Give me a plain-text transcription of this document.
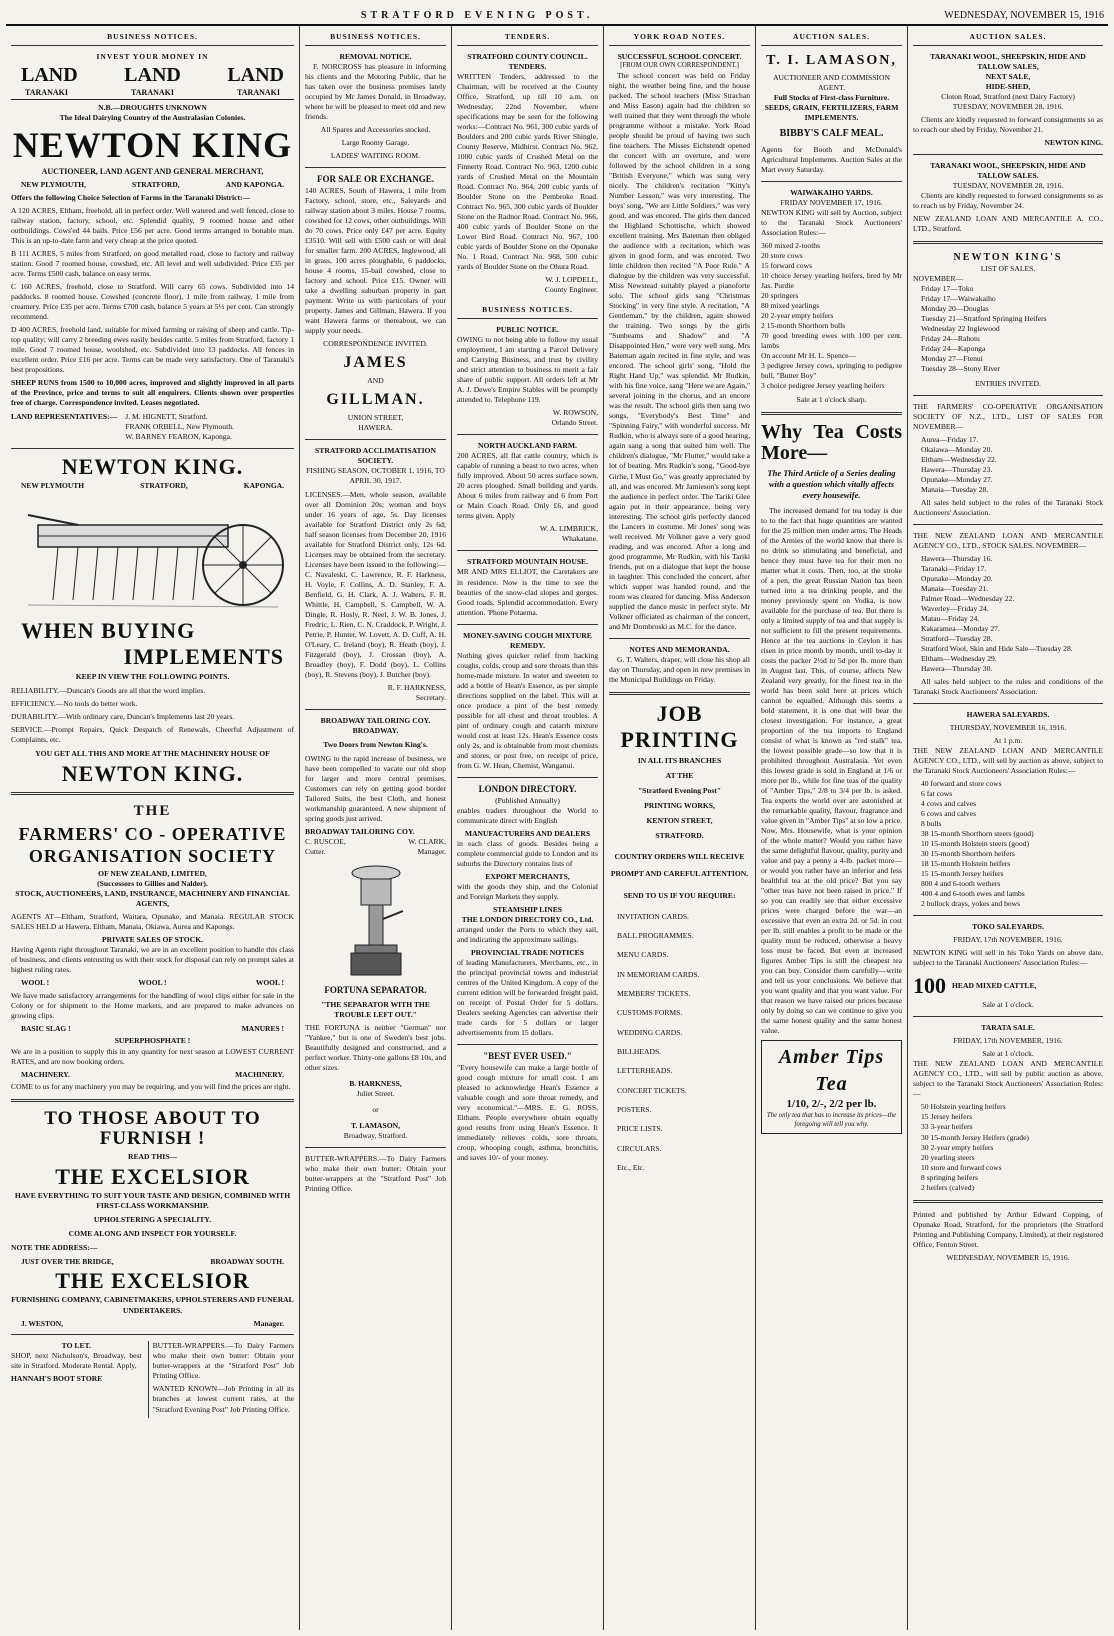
STRATFORD EVENING POST.	WEDNESDAY, NOVEMBER 15, 1916
BUSINESS NOTICES.
INVEST YOUR MONEY IN
LAND LAND LAND
TARANAKI	TARANAKI	TARANAKI
N.B.—DROUGHTS UNKNOWN
The Ideal Dairying Country of the Australasian Colonies.
NEWTON KING
AUCTIONEER, LAND AGENT AND GENERAL MERCHANT,
NEW PLYMOUTH,	STRATFORD,	AND KAPONGA.

Offers the following Choice Selection of Farms in the Taranaki District:—

A 120 ACRES, Eltham, freehold, all in perfect order. Well watered and well fenced, close to railway station, factory, school, etc. Splendid quality, 9 roomed house and other outbuildings. Cows'ed 44 bails. Price £56 per acre. Good terms arranged to bonable man. This is an up-to-date farm and very cheap at the price quoted.

B 111 ACRES, 5 miles from Stratford, on good metalled road, close to factory and railway station. Good 7 roomed house, cowshed, etc. All level and well subdivided. Price £35 per acre. Terms £500 cash, balance on easy terms.

C 160 ACRES, freehold, close to Stratford. Will carry 65 cows. Subdivided into 14 paddocks. 8 roomed house. Cowshed (concrete floor), 1 mile from railway, 1 mile from creamery. Price £35 per acre. Terms £700 cash, balance 5 years at 5½ per cent. Can strongly recommend.

D 400 ACRES, freehold land, suitable for mixed farming or raising of sheep and cattle. Tip-top quality; will carry 2 breeding ewes easily besides cattle. 5 miles from Stratford, factory 1 mile. Good 7 roomed house, woolshed, etc. Subdivided into 13 paddocks. All fences in excellent order. Price £16 per acre. Terms can be made very satisfactory. One of Taranaki's best propositions.

SHEEP RUNS from 1500 to 10,000 acres, improved and slightly improved in all parts of the Province, price and terms to suit all enquirers. Clients shown over properties free of charge. Correspondence invited. Leases negotiated.

LAND REPRESENTATIVES:— J. M. HIGNETT, Stratford.
FRANK ORBELL, New Plymouth.
W. BARNEY FEARON, Kaponga.
NEWTON KING.
NEW PLYMOUTH	STRATFORD,	KAPONGA.
WHEN BUYING
IMPLEMENTS
KEEP IN VIEW THE FOLLOWING POINTS.

RELIABILITY.—Duncan's Goods are all that the word implies.

EFFICIENCY.—No tools do better work.

DURABILITY.—With ordinary care, Duncan's Implements last 20 years.

SERVICE.—Prompt Repairs, Quick Despatch of Renewals, Cheerful Adjustment of Complaints, etc.

YOU GET ALL THIS AND MORE AT THE MACHINERY HOUSE OF
NEWTON KING.
THE
FARMERS' CO - OPERATIVE
ORGANISATION SOCIETY
OF NEW ZEALAND, LIMITED,
(Successors to Gillies and Nalder).
STOCK, AUCTIONEERS, LAND, INSURANCE, MACHINERY AND FINANCIAL AGENTS,

AGENTS AT—Eltham, Stratford, Waitara, Opunake, and Manaia. REGULAR STOCK SALES HELD at Hawera, Eltham, Manaia, Okiawa, Aurea and Kapongs.

PRIVATE SALES OF STOCK.

Having Agents right throughout Taranaki, we are in an excellent position to handle this class of business, and clients entrusting us with their stock for disposal can rely on prompt sales at highest ruling rates.

WOOL !	WOOL !	WOOL !

We have made satisfactory arrangements for the handling of wool clips either for sale in the Colony or for shipment to the Home markets, and are prepared to make advances on growing clips.

BASIC SLAG !	MANURES !
SUPERPHOSPHATE !

We are in a position to supply this in any quantity for next season at LOWEST CURRENT RATES, and are now booking orders.

MACHINERY.	MACHINERY.

COME to us for any machinery you may be requiring, and you will find the prices are right.

TO THOSE ABOUT TO FURNISH !
READ THIS—
THE EXCELSIOR
HAVE EVERYTHING TO SUIT YOUR TASTE AND DESIGN, COMBINED WITH FIRST-CLASS WORKMANSHIP.
UPHOLSTERING A SPECIALITY.
COME ALONG AND INSPECT FOR YOURSELF.
NOTE THE ADDRESS:—
JUST OVER THE BRIDGE,	BROADWAY SOUTH.
THE EXCELSIOR
FURNISHING COMPANY, CABINETMAKERS, UPHOLSTERERS AND FUNERAL UNDERTAKERS.
J. WESTON,	Manager.
TO LET.

SHOP, next Nicholson's, Broadway, best site in Stratford. Moderate Rental. Apply,

HANNAH'S BOOT STORE

BUTTER-WRAPPERS.—To Dairy Farmers who make their own butter: Obtain your butter-wrappers at the "Stratford Post" Job Printing Office.

WANTED KNOWN—Job Printing in all its branches at lowest current rates, at the "Stratford Evening Post" Job Printing Office.

BUSINESS NOTICES.
REMOVAL NOTICE.

F. NORCROSS has pleasure in informing his clients and the Motoring Public, that he has taken over the business premises lately occupied by Mr James Donald, in Broadway, where he will be pleased to meet old and new friends.

All Spares and Accessories stocked.

Large Roomy Garage.

LADIES' WAITING ROOM.

FOR SALE OR EXCHANGE.

140 ACRES, South of Hawera, 1 mile from Factory, school, store, etc., Saleyards and railway station about 3 miles. House 7 rooms, cowshed for 12 cows, other outbuildings. Will do 70 cows. Price only £47 per acre. Equity £3510. Will sell with £500 cash or will deal for smaller farm. 200 ACRES, Inglewood, all in grass, 100 acres ploughable, 6 paddocks, house 4 rooms, 15-bail cowshed, close to factory and school. Price £15. Owner will take a dwelling suburban property in part payment. Write us with particulars of your property. James and Gillman, Hawera. If you want Hawera farms or thereabout, we can supply your needs.

CORRESPONDENCE INVITED.

JAMES
AND
GILLMAN.
UNION STREET,
HAWERA.
STRATFORD ACCLIMATISATION SOCIETY.

FISHING SEASON, OCTOBER 1, 1916, TO APRIL 30, 1917.

LICENSES.—Men, whole season, available over all Dominion 20s; woman and boys under 16 years of age, 5s. Day licenses available for Stratford District only 2s 6d; half season licenses from December 20, 1916 available for Stratford District only, 12s 6d. Licenses may be obtained from the secretary. Licenses have been issued to the following:—C. Navaleski, C. Lawrence, R. F. Harkness, H. Voyle, F. Collins, A. D. Stanley, F. A. Benfield, G. H. Clark, A. J. Walters, F. R. Whittle, H. Campbell, S. Campbell, W. A. Dingle, R. Hosly, R. Neel, J. W. B. Jones, J. Fredric, L. Rien, C. N. Craddock, P. Wright, J. Petrie, P. Hunter, W. Lovett, A. D. Cuff, A. H. O'Leary, C. Ireland (boy), R. Heath (boy), J. Fitzgerald (boy), J. Crossan (boy), A. Broadley (boy), F. Dodd (boy), L. Collins (boy), R. Stevens (boy), J. Butcher (boy).

R. F. HARKNESS,
Secretary.
BROADWAY TAILORING COY. BROADWAY.
Two Doors from Newton King's.

OWING to the rapid increase of business, we have been compelled to vacate our old shop for larger and more central premises. Customers can rely on getting good border Tailored Suits, the best Cloth, and honest workmanship guaranteed. A new shipment of spring goods just arrived.

BROADWAY TAILORING COY.
C. RUSCOE,	W. CLARK,
Cutter.	Manager.
FORTUNA SEPARATOR.
"THE SEPARATOR WITH THE TROUBLE LEFT OUT."

THE FORTUNA is neither "German" nor "Yankee," but is one of Sweden's best jobs. Beautifully designed and constructed, and a perfect worker. Thirty-one gallons £8 10s, and other sizes.

B. HARKNESS,
Juliet Street.
or
T. LAMASON,
Broadway, Stratford.

BUTTER-WRAPPERS.—To Dairy Farmers who make their own butter: Obtain your butter-wrappers at the "Stratford Post" Job Printing Office.

TENDERS.
STRATFORD COUNTY COUNCIL.
TENDERS.

WRITTEN Tenders, addressed to the Chairman, will be received at the County Office, Stratford, up till 10 a.m. on Wednesday, 22nd November, where specifications may be seen for the following works:—Contract No. 961, 300 cubic yards of Boulders and 200 cubic yards River Shingle, County Reserve, Midhirst. Contract No. 962, 1000 cubic yards of Crushed Metal on the Finnerty Road. Contract No. 963, 1200 cubic yards of Crushed Metal on the Mountain Road. Contract No. 964, 200 cubic yards of Boulder Stone on the Pembroke Road. Contract No. 965, 300 cubic yards of Boulder Stone on the Radnor Road. Contract No. 966, 400 cubic yards of Boulder Stone on the Lower Bird Road. Contract No. 967, 100 cubic yards of Boulder Stone on the Opunake No. 1 Road. Contract No. 968, 500 cubic yards of Boulder Stone on the Ohura Road.

W. J. LOPDELL,
County Engineer.
BUSINESS NOTICES.
PUBLIC NOTICE.

OWING to not being able to follow my usual employment, I am starting a Parcel Delivery and Carrying Business, and trust by civility and strict attention to business to merit a fair share of public support. All orders left at Mr A. J. Dewe's Empire Stables will be promptly attended to. Telephone 119.

W. ROWSON,
Orlando Street.
NORTH AUCKLAND FARM.

200 ACRES, all flat cattle country, which is capable of running a beast to two acres, when fully improved. About 50 acres surface sown, 20 acres ploughed. Small building and yards. About 6 miles from railway and 6 from Port or Main Coach Road. Only £6, and good terms given. Apply

W. A. LIMBRICK,
Whakatane.
STRATFORD MOUNTAIN HOUSE.

MR AND MRS ELLIOT, the Caretakers are in residence. Now is the time to see the beauties of the snow-clad slopes and gorges. Good roads. Splendid accommodation. Every attention. 'Phone Potaema.

MONEY-SAVING COUGH MIXTURE REMEDY.

Nothing gives quicker relief from hacking coughs, colds, croup and sore throats than this home-made mixture. In water and sweeten to add a bottle of Hean's Essence, as per simple directions supplied on the label. This will at once produce a pint of the best remedy possible for all chest and throat troubles. A pint of ordinary cough and catarrh mixture would cost at least 12s. Hean's Essence costs only 2s, and is obtainable from most chemists and stores, or post free, on receipt of price, from G. W. Hean, Chemist, Wanganui.

LONDON DIRECTORY.
(Published Annually)

enables traders throughout the World to communicate direct with English

MANUFACTURERS AND DEALERS

in each class of goods. Besides being a complete commercial guide to London and its suburbs the Directory contains lists of

EXPORT MERCHANTS,

with the goods they ship, and the Colonial and Foreign Markets they supply.

STEAMSHIP LINES
THE LONDON DIRECTORY CO., Ltd.

arranged under the Ports to which they sail, and indicating the approximate sailings.

PROVINCIAL TRADE NOTICES

of leading Manufacturers, Merchants, etc., in the principal provincial towns and industrial centres of the United Kingdom. A copy of the current edition will be forwarded freight paid, on receipt of Postal Order for 5 dollars. Dealers seeking Agencies can advertise their trade cards for 5 dollars or larger advertisements from 15 dollars.

"BEST EVER USED."

"Every housewife can make a large bottle of good cough mixture for small cost. I am pleased to acknowledge Hean's Essence a valuable cough and sore throat remedy, and very economical."—MRS. E. G. ROSS, Eltham. People everywhere obtain equally good results from using Hean's Essence. It immediately relieves colds, sore throats, croup, whooping cough, asthma, bronchitis, and saves 10/- of your money.

YORK ROAD NOTES.
SUCCESSFUL SCHOOL CONCERT.
[FROM OUR OWN CORRESPONDENT.]

The school concert was held on Friday night, the weather being fine, and the house packed. The school teachers (Miss Strachan and Miss Eason) again had the children so well trained that they went through the whole programme without a mistake. York Road people should be proud of having two such fine teachers. The Misses Eichstendt opened the concert with an overture, and were followed by the school children in a song "British Everyone," which was sung very nicely. The children's recitation "Kitty's Number Lesson," was very interesting. The boys' song, "We are Little Soldiers," was very good, and was encored. The girls then danced the Highland Schottische, which showed excellent training. Mrs Bateman then obliged the audience with a recitation, which was given in good form, and was encored. Two little children then recited "A Poor Rule." A dialogue by the children was very successful. Miss Newstead suitably played a pianoforte solo. The school girls sang "Christmas Stocking" in very fine style. A recitation, "A Gentleman," by the children, again showed the training. Two songs by the girls "Sunbeams and Shadow" and "A Disappointed Hen," were very well sung. Mrs Bateman again recited in fine style, and was encored. The school girls' song, "Hold the Right Hand Up," was splendid. Mr Rudkin, with his fine voice, sang "Here we are Again," several joining in the chorus, and an encore was the result. The school girls then sang two songs, "Everybody's Best Time" and "Spinning Fairy," with wonderful success. Mr Rudkin, who is always sure of a good hearing, again sang a song that suited him well. The children's dialogue, "Mr Flutter," would take a lot of beating. Mrs Rudkin's song, "Good-bye Girlie, I Must Go," was greatly appreciated by all, and was encored. Mr Jamieson's song kept the audience in perfect order. The Tariki Glee again put in their appearance, being very interesting. The school girls perfectly danced the Lancers in costume. Mr Jones' song was well received. Mr Volkner gave a very good reading, and was encored. After a long and good programme, Mr Rudkin, with his Tariki friends, put on a dialogue that kept the house in laughter. This concluded the concert, after which supper was handed round, and the room was cleared for dancing. Miss Anderson supplied the dance music in perfect style. Mr Volkner officiated as chairman of the concert, and Mr Dombroski as M.C. for the dance.

NOTES AND MEMORANDA.

G. T. Walters, draper, will close his shop all day on Thursday, and open in new premises in the Municipal Buildings on Friday.

JOB
PRINTING
IN ALL ITS BRANCHES
AT THE
"Stratford Evening Post"
PRINTING WORKS,
KENTON STREET,
STRATFORD.
COUNTRY ORDERS WILL RECEIVE PROMPT AND CAREFUL ATTENTION.
SEND TO US IF YOU REQUIRE:
INVITATION CARDS.
BALL PROGRAMMES.
MENU CARDS.
IN MEMORIAM CARDS.
MEMBERS' TICKETS.
CUSTOMS FORMS.
WEDDING CARDS.
BILLHEADS.
LETTERHEADS.
CONCERT TICKETS.
POSTERS.
PRICE LISTS.
CIRCULARS.
Etc., Etc.
AUCTION SALES.
T. I. LAMASON,
AUCTIONEER AND COMMISSION AGENT.
Full Stocks of First-class Furniture.
SEEDS, GRAIN, FERTILIZERS, FARM IMPLEMENTS.
BIBBY'S CALF MEAL.

Agents for Booth and McDonald's Agricultural Implements. Auction Sales at the Mart every Saturday.

WAIWAKAIHO YARDS.
FRIDAY NOVEMBER 17, 1916.

NEWTON KING will sell by Auction, subject to the Taranaki Stock Auctioneers' Association Rules:—

360 mixed 2-tooths
20 store cows
15 forward cows
10 choice Jersey yearling heifers, bred by Mr Jas. Purdie
20 springers
80 mixed yearlings
20 2-year empty heifers
2 15-month Shorthorn bulls
70 good breeding ewes with 100 per cent. lambs
On account Mr H. L. Spence—
3 pedigree Jersey cows, springing to pedigree bull, "Butter Boy"
3 choice pedigree Jersey yearling heifers
Sale at 1 o'clock sharp.
Why Tea Costs More—
The Third Article of a Series dealing with a question which vitally affects every housewife.

The increased demand for tea today is due to to the fact that huge quantities are wanted for the 25 million men under arms. The Heads of the Armies of the world know that there is no drink so stimulating and beneficial, and hence they must have tea for their men no matter what it costs. Then, too, at the stroke of a pen, the great Russian Nation has been turned into a tea drinking people, and the money previously spent on Vodka, is now available for the purchase of tea. But there is only a limited supply of tea and that supply is not sufficient to fill the present requirements. Hence at the tea auctions in Ceylon it has risen in price month by month, until to-day it costs the packer 2½d to 5d per lb. more than in August last. This, of course, affects New Zealand very greatly, for the finest tea in the world has been sold here at prices which cannot be equalled. Although this seems a bold statement, it is one that will bear the closest investigation. For instance, a great proportion of the tea imports to England consist of what is known as "red stalk" tea, the lowest possible grade—so low that it is prohibited throughout Australasia. Yet even this lowest grade is sold in England at 1/6 or more per lb., while for fine teas of the quality of "Amber Tips," 2/8 to 3/4 per lb. is asked. Tea experts the world over are astonished at the remarkable quality, flavour, fragrance and value given in "Amber Tips" at so low a price. Now, Mrs. Housewife, what is your opinion of the whole matter? Would you rather have the same delightful flavour, quality, purity and value and pay a penny a 4-lb. packet more—or would you rather have an inferior and less healthful tea at the old price? But you say "other teas have not been raised in price." If so you can readily see that either excessive prices were charged before the war—an excessive that even an extra 2d. or 5d. in cost per lb. still enables a profit to be made or the quality must be reduced, otherwise a heavy loss must be faced. But even at increased figures Amber Tips is still the cheapest tea you can buy. Consider them carefully—write and tell us your conclusions. We believe that you want quality and that you want value. For that reason we have raised our prices because only by doing so can we continue to give you the same honest quality and the same honest value.

Amber Tips Tea
1/10, 2/-, 2/2 per lb.
The only tea that has to increase its prices—the foregoing will tell you why.
AUCTION SALES.
TARANAKI WOOL, SHEEPSKIN, HIDE AND TALLOW SALES,
NEXT SALE,
HIDE-SHED,
Cloton Road, Stratford (next Dairy Factory)
TUESDAY, NOVEMBER 28, 1916.

Clients are kindly requested to forward consignments so as to reach our shed by Friday, November 21.

NEWTON KING.
TARANAKI WOOL, SHEEPSKIN, HIDE AND TALLOW SALES.
TUESDAY, NOVEMBER 28, 1916.

Clients are kindly requested to forward consignments so as to reach us by Friday, November 24.

NEW ZEALAND LOAN AND MERCANTILE A. CO., LTD., Stratford.

NEWTON KING'S
LIST OF SALES.
NOVEMBER—
Friday 17—Toko
Friday 17—Waiwakaiho
Monday 20—Douglas
Tuesday 21—Stratford Springing Heifers
Wednesday 22 Inglewood
Friday 24—Rahotu
Friday 24—Kaponga
Monday 27—Ftenui
Tuesday 28—Stony River
ENTRIES INVITED.

THE FARMERS' CO-OPERATIVE ORGANISATION SOCIETY OF N.Z., LTD., LIST OF SALES FOR NOVEMBER—

Aurea—Friday 17.
Okaiawa—Monday 20.
Eltham—Wednesday 22.
Hawera—Thursday 23.
Opunake—Monday 27.
Manaia—Tuesday 28.

All sales held subject to the rules of the Taranaki Stock Auctioneers' Association.

THE NEW ZEALAND LOAN AND MERCANTILE AGENCY CO., LTD., STOCK SALES. NOVEMBER—

Hawera—Thursday 16.
Taranaki—Friday 17.
Opunake—Monday 20.
Manaia—Tuesday 21.
Palmer Road—Wednesday 22.
Waverley—Friday 24.
Matau—Friday 24.
Kakaramea—Monday 27.
Stratford—Tuesday 28.
Stratford Wool, Skin and Hide Sale—Tuesday 28.
Eltham—Wednesday 29.
Hawera—Thursday 30.

All sales held subject to the rules and conditions of the Taranaki Stock Auctioneers' Association.

HAWERA SALEYARDS.
THURSDAY, NOVEMBER 16, 1916.
At 1 p.m.

THE NEW ZEALAND LOAN AND MERCANTILE AGENCY CO., LTD., will sell by auction as above, subject to the Taranaki Stock Auctioneers' Association Rules:—

40 forward and store cows
6 fat cows
4 cows and calves
6 cows and calves
8 bulls
38 15-month Shorthorn steers (good)
10 15-month Holstein steers (good)
30 15-month Shorthorn heifers
18 15-month Holstein heifers
15 15-month Jersey heifers
800 4 and 6-tooth wethers
400 4 and 6-tooth ewes and lambs
2 bullock drays, yokes and bows
TOKO SALEYARDS.
FRIDAY, 17th NOVEMBER, 1916.

NEWTON KING will sell in his Toko Yards on above date, subject to the Taranaki Auctioneers' Association Rules:—

100 HEAD MIXED CATTLE,
Sale at 1 o'clock.
TARATA SALE.
FRIDAY, 17th NOVEMBER, 1916.
Sale at 1 o'clock.

THE NEW ZEALAND LOAN AND MERCANTILE AGENCY CO., LTD., will sell by public auction as above, subject to the Taranaki Stock Auctioneers' Association Rules:—

50 Holstein yearling heifers
15 Jersey heifers
33 3-year heifers
30 15-month Jersey Heifers (grade)
30 2-year empty heifers
20 yearling steers
10 store and forward cows
8 springing heifers
2 heifers (calved)

Printed and published by Arthur Edward Copping, of Opunake Road, Stratford, for the proprietors (the Stratford Printing and Publishing Company, Limited), at their registered Office, Fenton Street.

WEDNESDAY, NOVEMBER 15, 1916.
